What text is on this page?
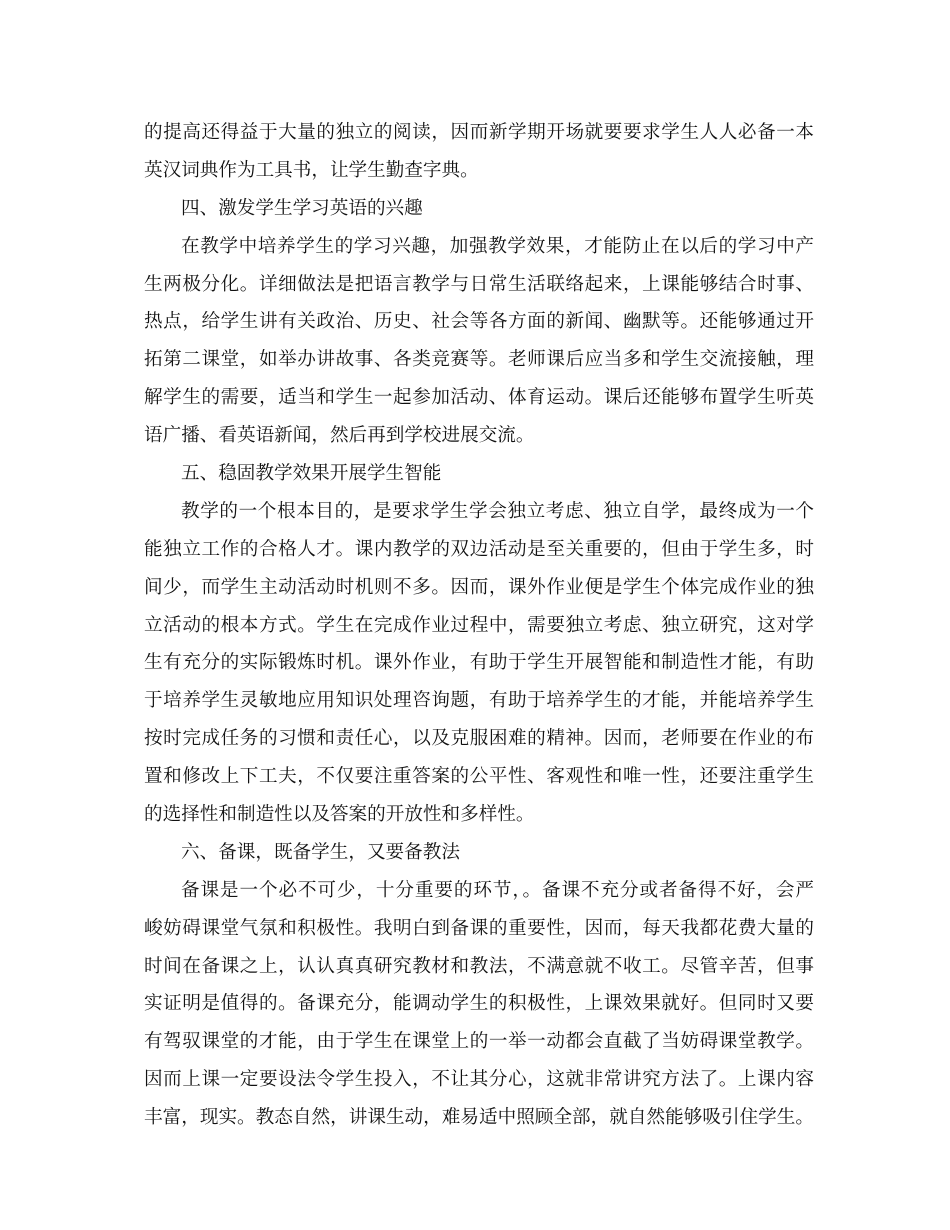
的提高还得益于大量的独立的阅读，因而新学期开场就要要求学生人人必备一本
英汉词典作为工具书，让学生勤查字典。
四、激发学生学习英语的兴趣
在教学中培养学生的学习兴趣，加强教学效果，才能防止在以后的学习中产
生两极分化。详细做法是把语言教学与日常生活联络起来，上课能够结合时事、
热点，给学生讲有关政治、历史、社会等各方面的新闻、幽默等。还能够通过开
拓第二课堂，如举办讲故事、各类竞赛等。老师课后应当多和学生交流接触，理
解学生的需要，适当和学生一起参加活动、体育运动。课后还能够布置学生听英
语广播、看英语新闻，然后再到学校进展交流。
五、稳固教学效果开展学生智能
教学的一个根本目的，是要求学生学会独立考虑、独立自学，最终成为一个
能独立工作的合格人才。课内教学的双边活动是至关重要的，但由于学生多，时
间少，而学生主动活动时机则不多。因而，课外作业便是学生个体完成作业的独
立活动的根本方式。学生在完成作业过程中，需要独立考虑、独立研究，这对学
生有充分的实际锻炼时机。课外作业，有助于学生开展智能和制造性才能，有助
于培养学生灵敏地应用知识处理咨询题，有助于培养学生的才能，并能培养学生
按时完成任务的习惯和责任心，以及克服困难的精神。因而，老师要在作业的布
置和修改上下工夫，不仅要注重答案的公平性、客观性和唯一性，还要注重学生
的选择性和制造性以及答案的开放性和多样性。
六、备课，既备学生，又要备教法
备课是一个必不可少，十分重要的环节，。备课不充分或者备得不好，会严
峻妨碍课堂气氛和积极性。我明白到备课的重要性，因而，每天我都花费大量的
时间在备课之上，认认真真研究教材和教法，不满意就不收工。尽管辛苦，但事
实证明是值得的。备课充分，能调动学生的积极性，上课效果就好。但同时又要
有驾驭课堂的才能，由于学生在课堂上的一举一动都会直截了当妨碍课堂教学。
因而上课一定要设法令学生投入，不让其分心，这就非常讲究方法了。上课内容
丰富，现实。教态自然，讲课生动，难易适中照顾全部，就自然能够吸引住学生。
